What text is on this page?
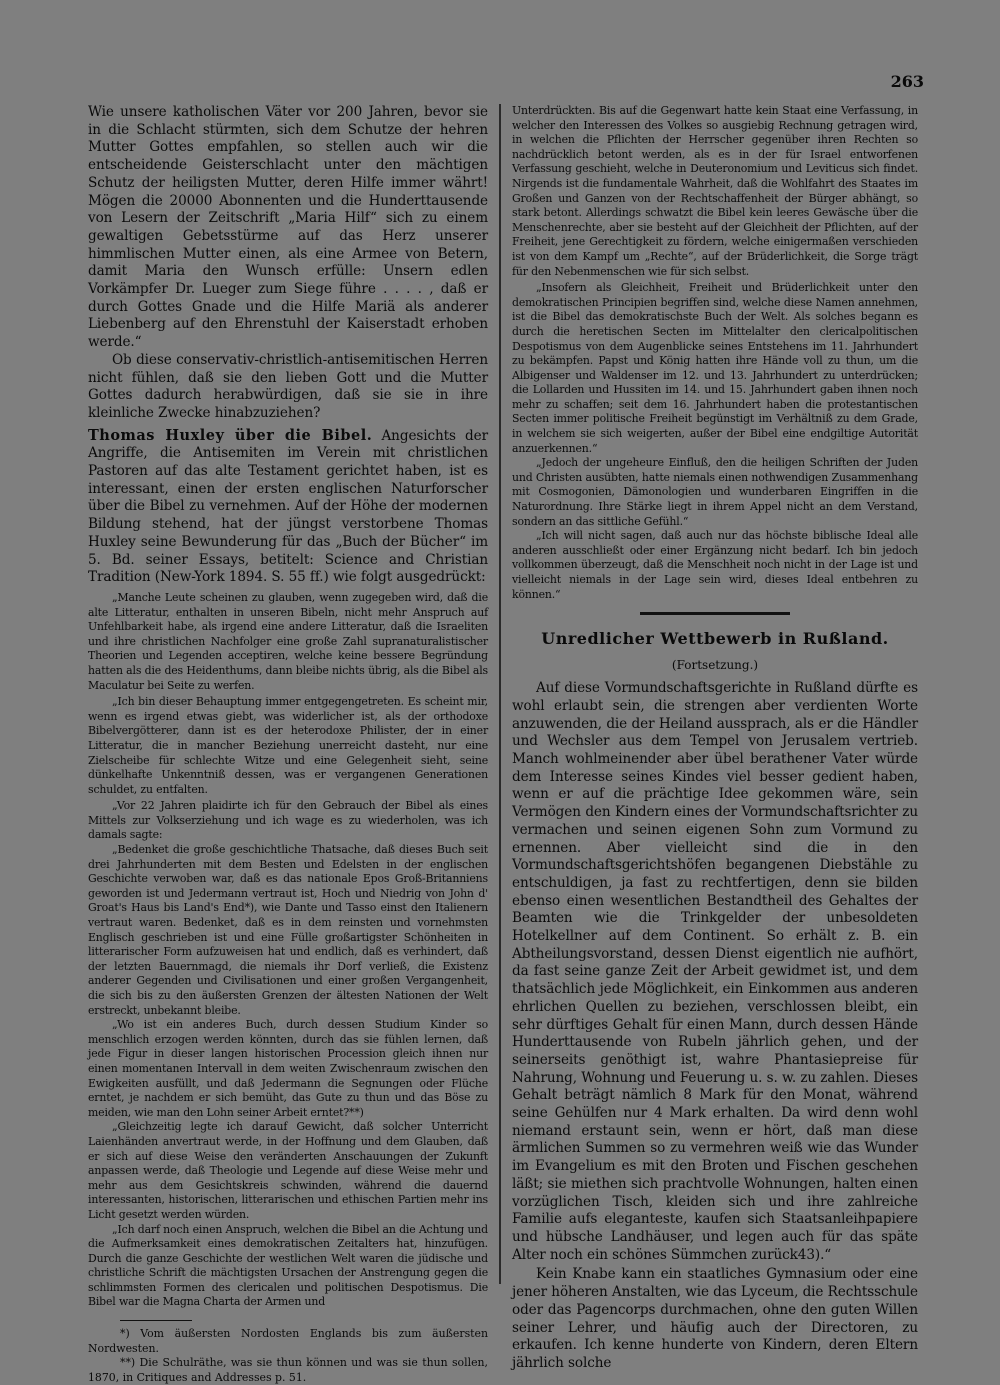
263

Wie unsere katholischen Väter vor 200 Jahren, bevor sie in die Schlacht stürmten, sich dem Schutze der hehren Mutter Gottes empfahlen, so stellen auch wir die entscheidende Geisterschlacht unter den mächtigen Schutz der heiligsten Mutter, deren Hilfe immer währt! Mögen die 20000 Abonnenten und die Hunderttausende von Lesern der Zeitschrift „Maria Hilf“ sich zu einem gewaltigen Gebetsstürme auf das Herz unserer himmlischen Mutter einen, als eine Armee von Betern, damit Maria den Wunsch erfülle: Unsern edlen Vorkämpfer Dr. Lueger zum Siege führe . . . . , daß er durch Gottes Gnade und die Hilfe Mariä als anderer Liebenberg auf den Ehrenstuhl der Kaiserstadt erhoben werde.“

Ob diese conservativ-christlich-antisemitischen Herren nicht fühlen, daß sie den lieben Gott und die Mutter Gottes dadurch herabwürdigen, daß sie sie in ihre kleinliche Zwecke hinabzuziehen?

Thomas Huxley über die Bibel. Angesichts der Angriffe, die Antisemiten im Verein mit christlichen Pastoren auf das alte Testament gerichtet haben, ist es interessant, einen der ersten englischen Naturforscher über die Bibel zu vernehmen. Auf der Höhe der modernen Bildung stehend, hat der jüngst verstorbene Thomas Huxley seine Bewunderung für das „Buch der Bücher“ im 5. Bd. seiner Essays, betitelt: Science and Christian Tradition (New-York 1894. S. 55 ff.) wie folgt ausgedrückt:

„Manche Leute scheinen zu glauben, wenn zugegeben wird, daß die alte Litteratur, enthalten in unseren Bibeln, nicht mehr Anspruch auf Unfehlbarkeit habe, als irgend eine andere Litteratur, daß die Israeliten und ihre christlichen Nachfolger eine große Zahl supranaturalistischer Theorien und Legenden acceptiren, welche keine bessere Begründung hatten als die des Heidenthums, dann bleibe nichts übrig, als die Bibel als Maculatur bei Seite zu werfen.

„Ich bin dieser Behauptung immer entgegengetreten. Es scheint mir, wenn es irgend etwas giebt, was widerlicher ist, als der orthodoxe Bibelvergötterer, dann ist es der heterodoxe Philister, der in einer Litteratur, die in mancher Beziehung unerreicht dasteht, nur eine Zielscheibe für schlechte Witze und eine Gelegenheit sieht, seine dünkelhafte Unkenntniß dessen, was er vergangenen Generationen schuldet, zu entfalten.

„Vor 22 Jahren plaidirte ich für den Gebrauch der Bibel als eines Mittels zur Volkserziehung und ich wage es zu wiederholen, was ich damals sagte:

„Bedenket die große geschichtliche Thatsache, daß dieses Buch seit drei Jahrhunderten mit dem Besten und Edelsten in der englischen Geschichte verwoben war, daß es das nationale Epos Groß-Britanniens geworden ist und Jedermann vertraut ist, Hoch und Niedrig von John d' Groat's Haus bis Land's End*), wie Dante und Tasso einst den Italienern vertraut waren. Bedenket, daß es in dem reinsten und vornehmsten Englisch geschrieben ist und eine Fülle großartigster Schönheiten in litterarischer Form aufzuweisen hat und endlich, daß es verhindert, daß der letzten Bauernmagd, die niemals ihr Dorf verließ, die Existenz anderer Gegenden und Civilisationen und einer großen Vergangenheit, die sich bis zu den äußersten Grenzen der ältesten Nationen der Welt erstreckt, unbekannt bleibe.

„Wo ist ein anderes Buch, durch dessen Studium Kinder so menschlich erzogen werden könnten, durch das sie fühlen lernen, daß jede Figur in dieser langen historischen Procession gleich ihnen nur einen momentanen Intervall in dem weiten Zwischenraum zwischen den Ewigkeiten ausfüllt, und daß Jedermann die Segnungen oder Flüche erntet, je nachdem er sich bemüht, das Gute zu thun und das Böse zu meiden, wie man den Lohn seiner Arbeit erntet?**)

„Gleichzeitig legte ich darauf Gewicht, daß solcher Unterricht Laienhänden anvertraut werde, in der Hoffnung und dem Glauben, daß er sich auf diese Weise den veränderten Anschauungen der Zukunft anpassen werde, daß Theologie und Legende auf diese Weise mehr und mehr aus dem Gesichtskreis schwinden, während die dauernd interessanten, historischen, litterarischen und ethischen Partien mehr ins Licht gesetzt werden würden.

„Ich darf noch einen Anspruch, welchen die Bibel an die Achtung und die Aufmerksamkeit eines demokratischen Zeitalters hat, hinzufügen. Durch die ganze Geschichte der westlichen Welt waren die jüdische und christliche Schrift die mächtigsten Ursachen der Anstrengung gegen die schlimmsten Formen des clericalen und politischen Despotismus. Die Bibel war die Magna Charta der Armen und

*) Vom äußersten Nordosten Englands bis zum äußersten Nordwesten.

**) Die Schulräthe, was sie thun können und was sie thun sollen, 1870, in Critiques and Addresses p. 51.

Unterdrückten. Bis auf die Gegenwart hatte kein Staat eine Verfassung, in welcher den Interessen des Volkes so ausgiebig Rechnung getragen wird, in welchen die Pflichten der Herrscher gegenüber ihren Rechten so nachdrücklich betont werden, als es in der für Israel entworfenen Verfassung geschieht, welche in Deuteronomium und Leviticus sich findet. Nirgends ist die fundamentale Wahrheit, daß die Wohlfahrt des Staates im Großen und Ganzen von der Rechtschaffenheit der Bürger abhängt, so stark betont. Allerdings schwatzt die Bibel kein leeres Gewäsche über die Menschenrechte, aber sie besteht auf der Gleichheit der Pflichten, auf der Freiheit, jene Gerechtigkeit zu fördern, welche einigermaßen verschieden ist von dem Kampf um „Rechte“, auf der Brüderlichkeit, die Sorge trägt für den Nebenmenschen wie für sich selbst.

„Insofern als Gleichheit, Freiheit und Brüderlichkeit unter den demokratischen Principien begriffen sind, welche diese Namen annehmen, ist die Bibel das demokratischste Buch der Welt. Als solches begann es durch die heretischen Secten im Mittelalter den clericalpolitischen Despotismus von dem Augenblicke seines Entstehens im 11. Jahrhundert zu bekämpfen. Papst und König hatten ihre Hände voll zu thun, um die Albigenser und Waldenser im 12. und 13. Jahrhundert zu unterdrücken; die Lollarden und Hussiten im 14. und 15. Jahrhundert gaben ihnen noch mehr zu schaffen; seit dem 16. Jahrhundert haben die protestantischen Secten immer politische Freiheit begünstigt im Verhältniß zu dem Grade, in welchem sie sich weigerten, außer der Bibel eine endgiltige Autorität anzuerkennen.“

„Jedoch der ungeheure Einfluß, den die heiligen Schriften der Juden und Christen ausübten, hatte niemals einen nothwendigen Zusammenhang mit Cosmogonien, Dämonologien und wunderbaren Eingriffen in die Naturordnung. Ihre Stärke liegt in ihrem Appel nicht an dem Verstand, sondern an das sittliche Gefühl.“

„Ich will nicht sagen, daß auch nur das höchste biblische Ideal alle anderen ausschließt oder einer Ergänzung nicht bedarf. Ich bin jedoch vollkommen überzeugt, daß die Menschheit noch nicht in der Lage ist und vielleicht niemals in der Lage sein wird, dieses Ideal entbehren zu können.“

Unredlicher Wettbewerb in Rußland.
(Fortsetzung.)

Auf diese Vormundschaftsgerichte in Rußland dürfte es wohl erlaubt sein, die strengen aber verdienten Worte anzuwenden, die der Heiland aussprach, als er die Händler und Wechsler aus dem Tempel von Jerusalem vertrieb. Manch wohlmeinender aber übel berathener Vater würde dem Interesse seines Kindes viel besser gedient haben, wenn er auf die prächtige Idee gekommen wäre, sein Vermögen den Kindern eines der Vormundschaftsrichter zu vermachen und seinen eigenen Sohn zum Vormund zu ernennen. Aber vielleicht sind die in den Vormundschaftsgerichtshöfen begangenen Diebstähle zu entschuldigen, ja fast zu rechtfertigen, denn sie bilden ebenso einen wesentlichen Bestandtheil des Gehaltes der Beamten wie die Trinkgelder der unbesoldeten Hotelkellner auf dem Continent. So erhält z. B. ein Abtheilungsvorstand, dessen Dienst eigentlich nie aufhört, da fast seine ganze Zeit der Arbeit gewidmet ist, und dem thatsächlich jede Möglichkeit, ein Einkommen aus anderen ehrlichen Quellen zu beziehen, verschlossen bleibt, ein sehr dürftiges Gehalt für einen Mann, durch dessen Hände Hunderttausende von Rubeln jährlich gehen, und der seinerseits genöthigt ist, wahre Phantasiepreise für Nahrung, Wohnung und Feuerung u. s. w. zu zahlen. Dieses Gehalt beträgt nämlich 8 Mark für den Monat, während seine Gehülfen nur 4 Mark erhalten. Da wird denn wohl niemand erstaunt sein, wenn er hört, daß man diese ärmlichen Summen so zu vermehren weiß wie das Wunder im Evangelium es mit den Broten und Fischen geschehen läßt; sie miethen sich prachtvolle Wohnungen, halten einen vorzüglichen Tisch, kleiden sich und ihre zahlreiche Familie aufs eleganteste, kaufen sich Staatsanleihpapiere und hübsche Landhäuser, und legen auch für das späte Alter noch ein schönes Sümmchen zurück43).“

Kein Knabe kann ein staatliches Gymnasium oder eine jener höheren Anstalten, wie das Lyceum, die Rechtsschule oder das Pagencorps durchmachen, ohne den guten Willen seiner Lehrer, und häufig auch der Directoren, zu erkaufen. Ich kenne hunderte von Kindern, deren Eltern jährlich solche
